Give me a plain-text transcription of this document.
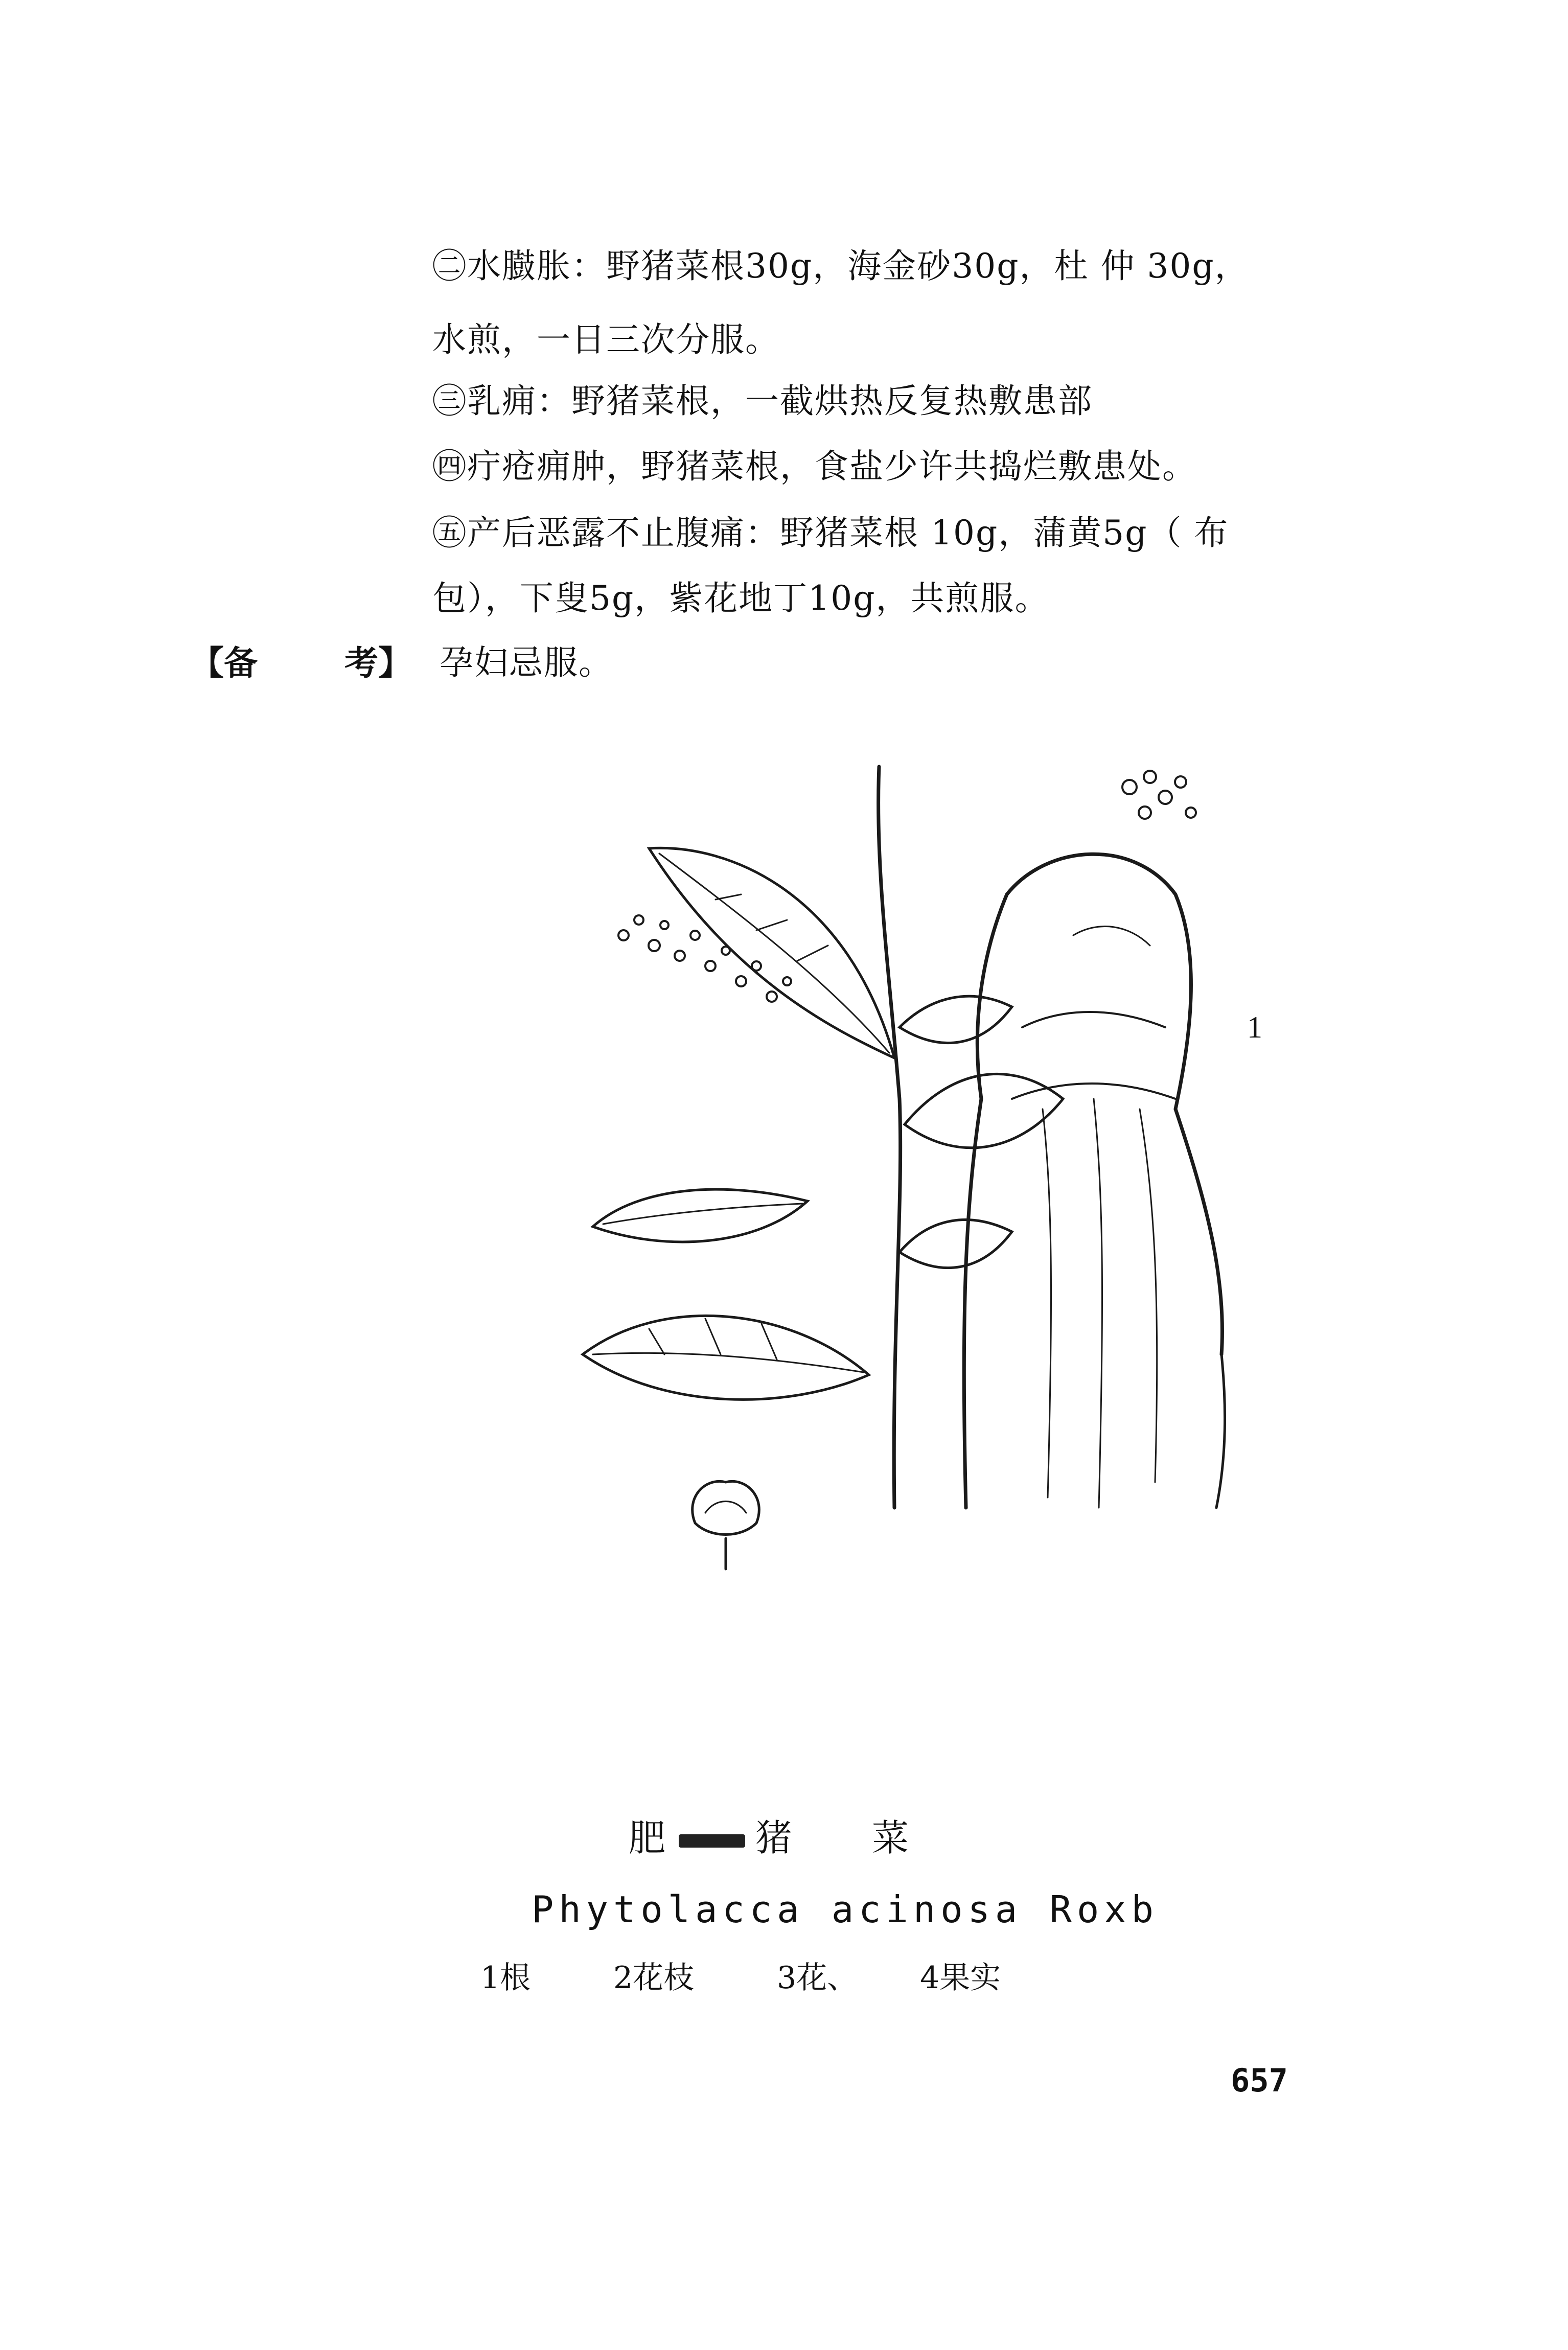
㊁水臌胀：野猪菜根30g，海金砂30g，杜 仲 30g，
水煎，一日三次分服。
㊂乳痈：野猪菜根，一截烘热反复热敷患部
㊃疔疮痈肿，野猪菜根，食盐少许共捣烂敷患处。
㊄产后恶露不止腹痛：野猪菜根 10g，蒲黄5g（ 布
包），下叟5g，紫花地丁10g，共煎服。
【备	考】 孕妇忌服。
1
肥 猪 菜
Phytolacca acinosa Roxb
1根	2花枝	3花、 4果实
657
